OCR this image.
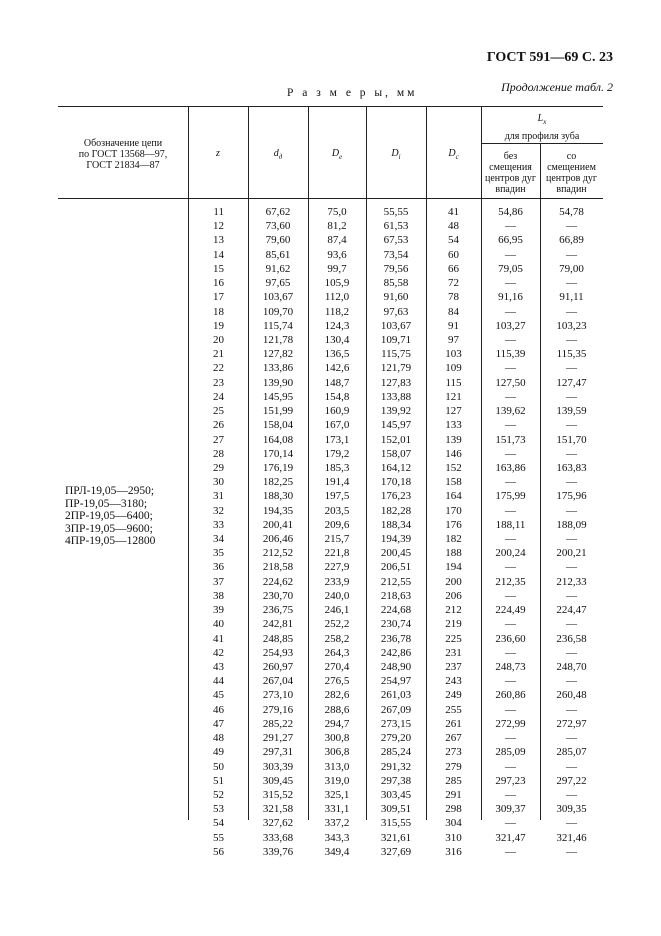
ГОСТ 591—69 С. 23
Продолжение табл. 2
Р а з м е р ы, мм
Обозначение цепи
по ГОСТ 13568—97,
ГОСТ 21834—87
z	$d_д$	$D_е$	$D_i$	$D_c$
$L_x$
для профиля зуба
без
смещения
центров дуг
впадин
со
смещением
центров дуг
впадин
ПРЛ-19,05—2950;
ПР-19,05—3180;
2ПР-19,05—6400;
3ПР-19,05—9600;
4ПР-19,05—12800
11	67,62	75,0	55,55	41	54,86	54,78
12	73,60	81,2	61,53	48	—	—
13	79,60	87,4	67,53	54	66,95	66,89
14	85,61	93,6	73,54	60	—	—
15	91,62	99,7	79,56	66	79,05	79,00
16	97,65	105,9	85,58	72	—	—
17	103,67	112,0	91,60	78	91,16	91,11
18	109,70	118,2	97,63	84	—	—
19	115,74	124,3	103,67	91	103,27	103,23
20	121,78	130,4	109,71	97	—	—
21	127,82	136,5	115,75	103	115,39	115,35
22	133,86	142,6	121,79	109	—	—
23	139,90	148,7	127,83	115	127,50	127,47
24	145,95	154,8	133,88	121	—	—
25	151,99	160,9	139,92	127	139,62	139,59
26	158,04	167,0	145,97	133	—	—
27	164,08	173,1	152,01	139	151,73	151,70
28	170,14	179,2	158,07	146	—	—
29	176,19	185,3	164,12	152	163,86	163,83
30	182,25	191,4	170,18	158	—	—
31	188,30	197,5	176,23	164	175,99	175,96
32	194,35	203,5	182,28	170	—	—
33	200,41	209,6	188,34	176	188,11	188,09
34	206,46	215,7	194,39	182	—	—
35	212,52	221,8	200,45	188	200,24	200,21
36	218,58	227,9	206,51	194	—	—
37	224,62	233,9	212,55	200	212,35	212,33
38	230,70	240,0	218,63	206	—	—
39	236,75	246,1	224,68	212	224,49	224,47
40	242,81	252,2	230,74	219	—	—
41	248,85	258,2	236,78	225	236,60	236,58
42	254,93	264,3	242,86	231	—	—
43	260,97	270,4	248,90	237	248,73	248,70
44	267,04	276,5	254,97	243	—	—
45	273,10	282,6	261,03	249	260,86	260,48
46	279,16	288,6	267,09	255	—	—
47	285,22	294,7	273,15	261	272,99	272,97
48	291,27	300,8	279,20	267	—	—
49	297,31	306,8	285,24	273	285,09	285,07
50	303,39	313,0	291,32	279	—	—
51	309,45	319,0	297,38	285	297,23	297,22
52	315,52	325,1	303,45	291	—	—
53	321,58	331,1	309,51	298	309,37	309,35
54	327,62	337,2	315,55	304	—	—
55	333,68	343,3	321,61	310	321,47	321,46
56	339,76	349,4	327,69	316	—	—
